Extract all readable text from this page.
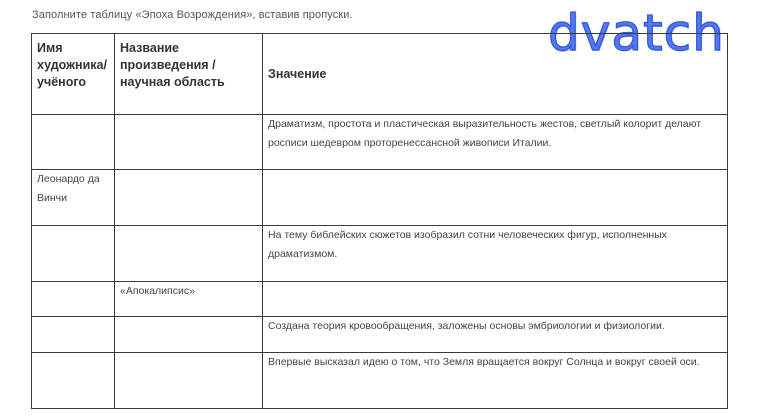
Заполните таблицу «Эпоха Возрождения», вставив пропуски.	dvatch
Имя художника/ учёного	Название произведения / научная область	Значение
		Драматизм, простота и пластическая выразительность жестов, светлый колорит делают росписи шедевром проторенессансной живописи Италии.
Леонардо да Винчи		
		На тему библейских сюжетов изобразил сотни человеческих фигур, исполненных драматизмом.
	«Апокалипсис»	
		Создана теория кровообращения, заложены основы эмбриологии и физиологии.
		Впервые высказал идею о том, что Земля вращается вокруг Солнца и вокруг своей оси.
